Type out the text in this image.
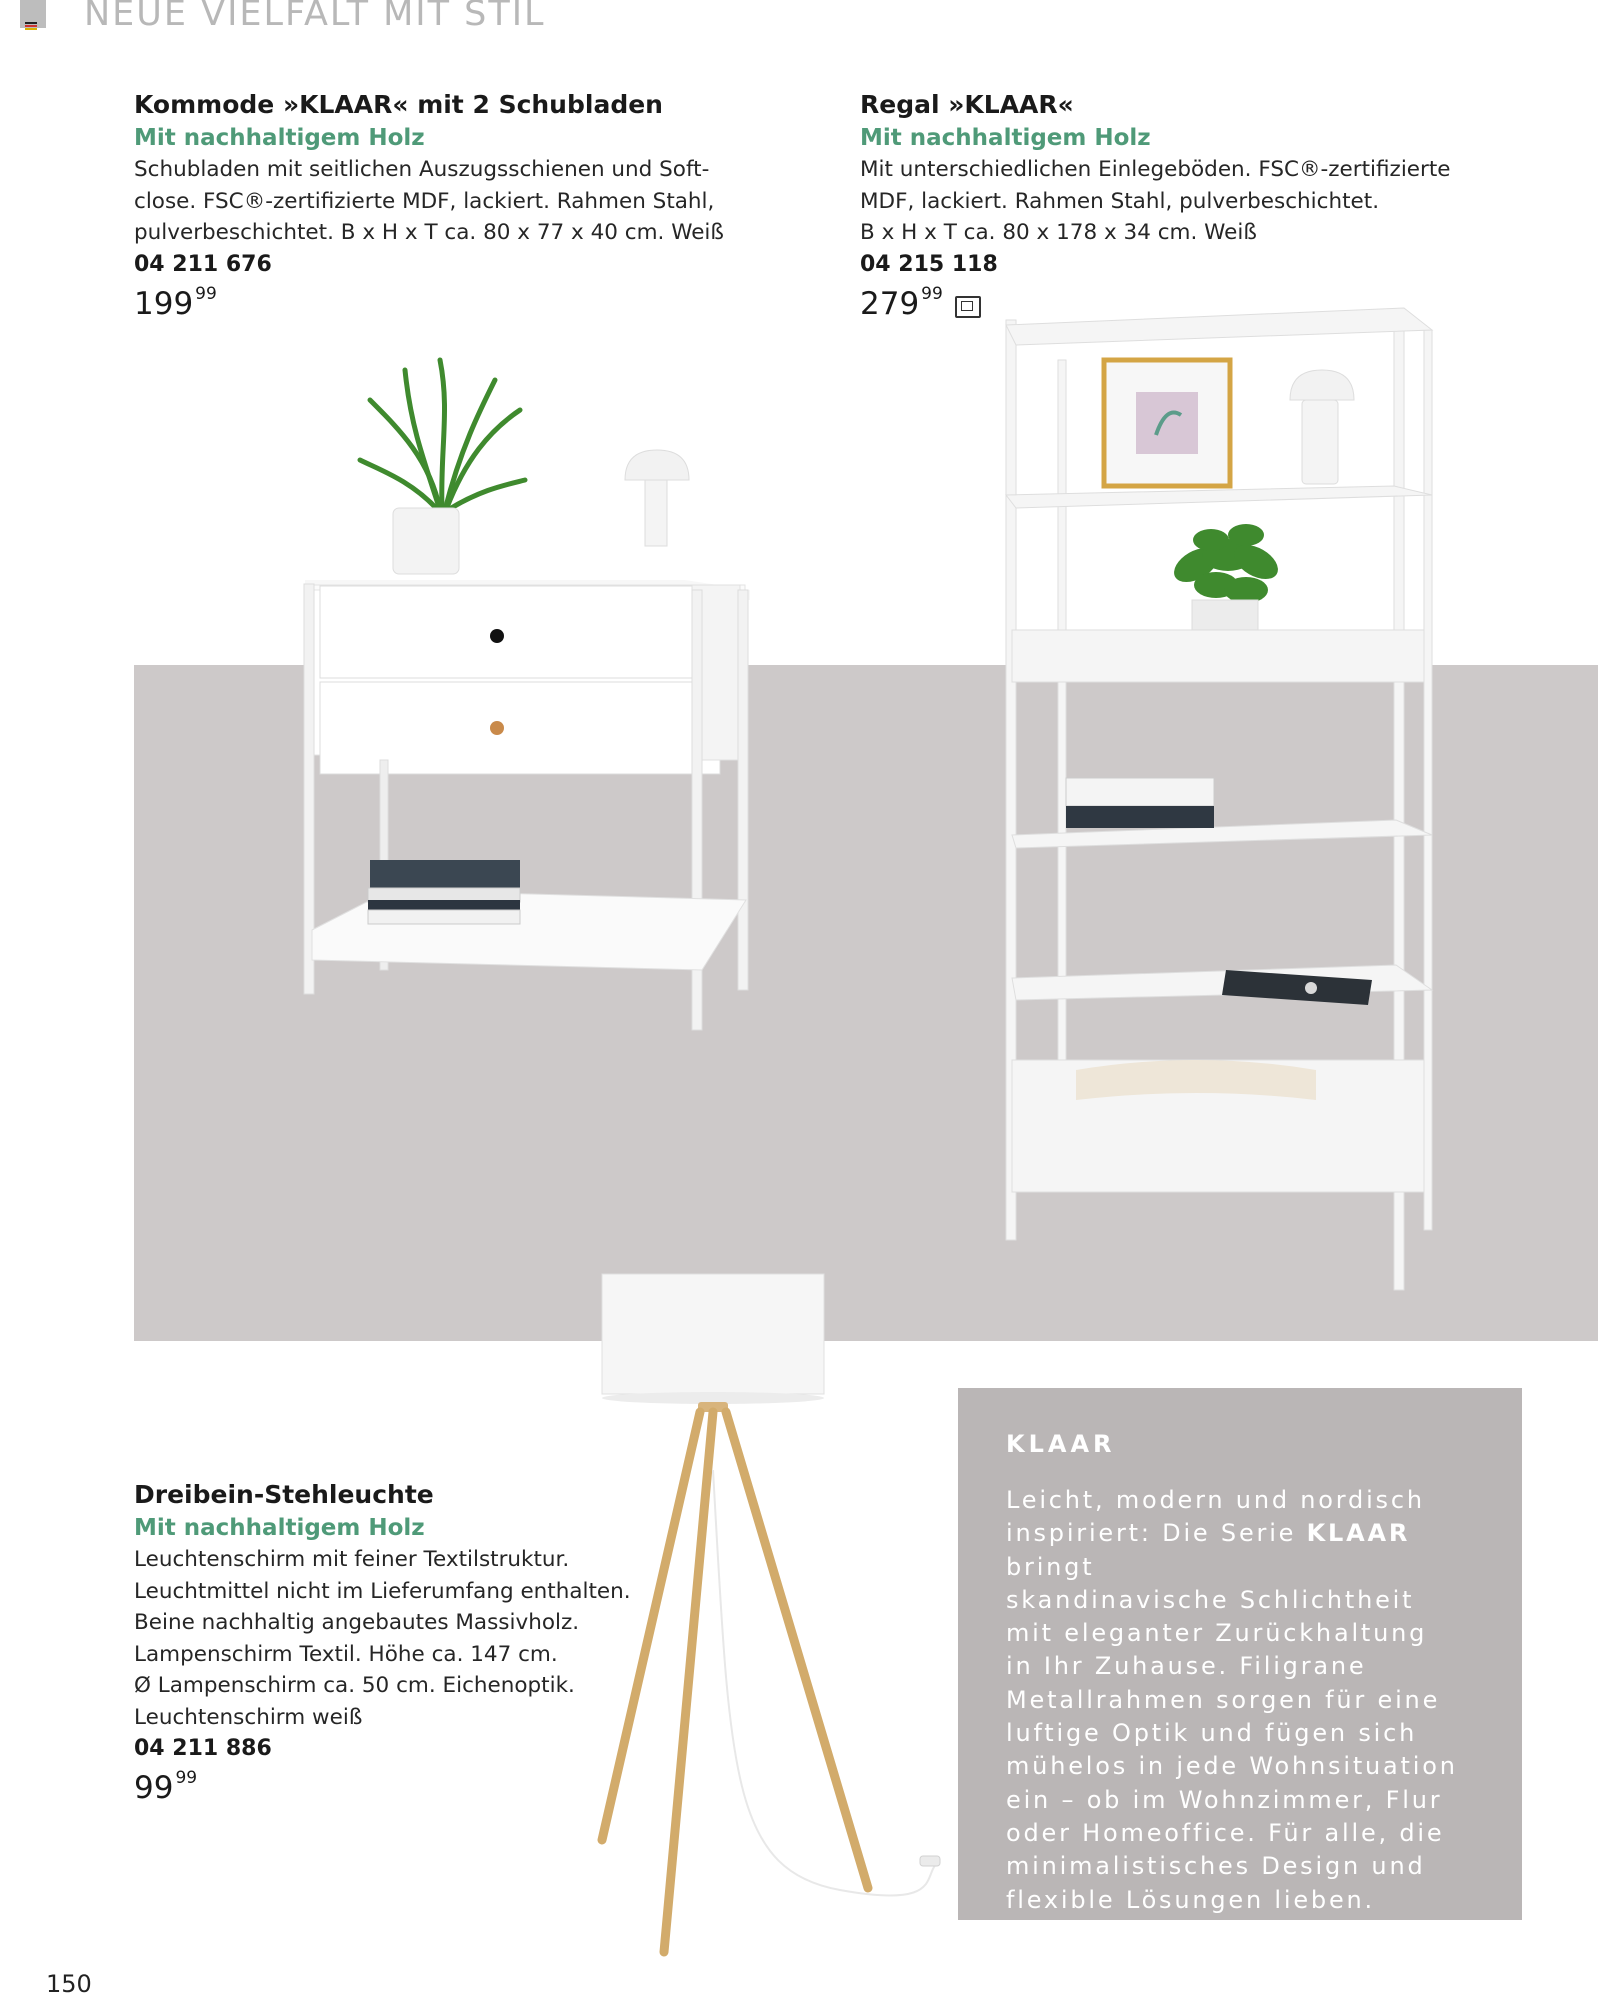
NEUE VIELFALT MIT STIL
Kommode »KLAAR« mit 2 Schubladen
Mit nachhaltigem Holz
Schubladen mit seitlichen Auszugsschienen und Soft-
close. FSC®-zertifizierte MDF, lackiert. Rahmen Stahl,
pulverbeschichtet. B x H x T ca. 80 x 77 x 40 cm. Weiß
04 211 676
$199^{99}$
Regal »KLAAR«
Mit nachhaltigem Holz
Mit unterschiedlichen Einlegeböden. FSC®-zertifizierte
MDF, lackiert. Rahmen Stahl, pulverbeschichtet.
B x H x T ca. 80 x 178 x 34 cm. Weiß
04 215 118
$279^{99}$
Dreibein-Stehleuchte
Mit nachhaltigem Holz
Leuchtenschirm mit feiner Textilstruktur.
Leuchtmittel nicht im Lieferumfang enthalten.
Beine nachhaltig angebautes Massivholz.
Lampenschirm Textil. Höhe ca. 147 cm.
Ø Lampenschirm ca. 50 cm. Eichenoptik.
Leuchtenschirm weiß
04 211 886
$99^{99}$
KLAAR
Leicht, modern und nordisch
inspiriert: Die Serie KLAAR bringt
skandinavische Schlichtheit
mit eleganter Zurückhaltung
in Ihr Zuhause. Filigrane
Metallrahmen sorgen für eine
luftige Optik und fügen sich
mühelos in jede Wohnsituation
ein – ob im Wohnzimmer, Flur
oder Homeoffice. Für alle, die
minimalistisches Design und
flexible Lösungen lieben.
150
